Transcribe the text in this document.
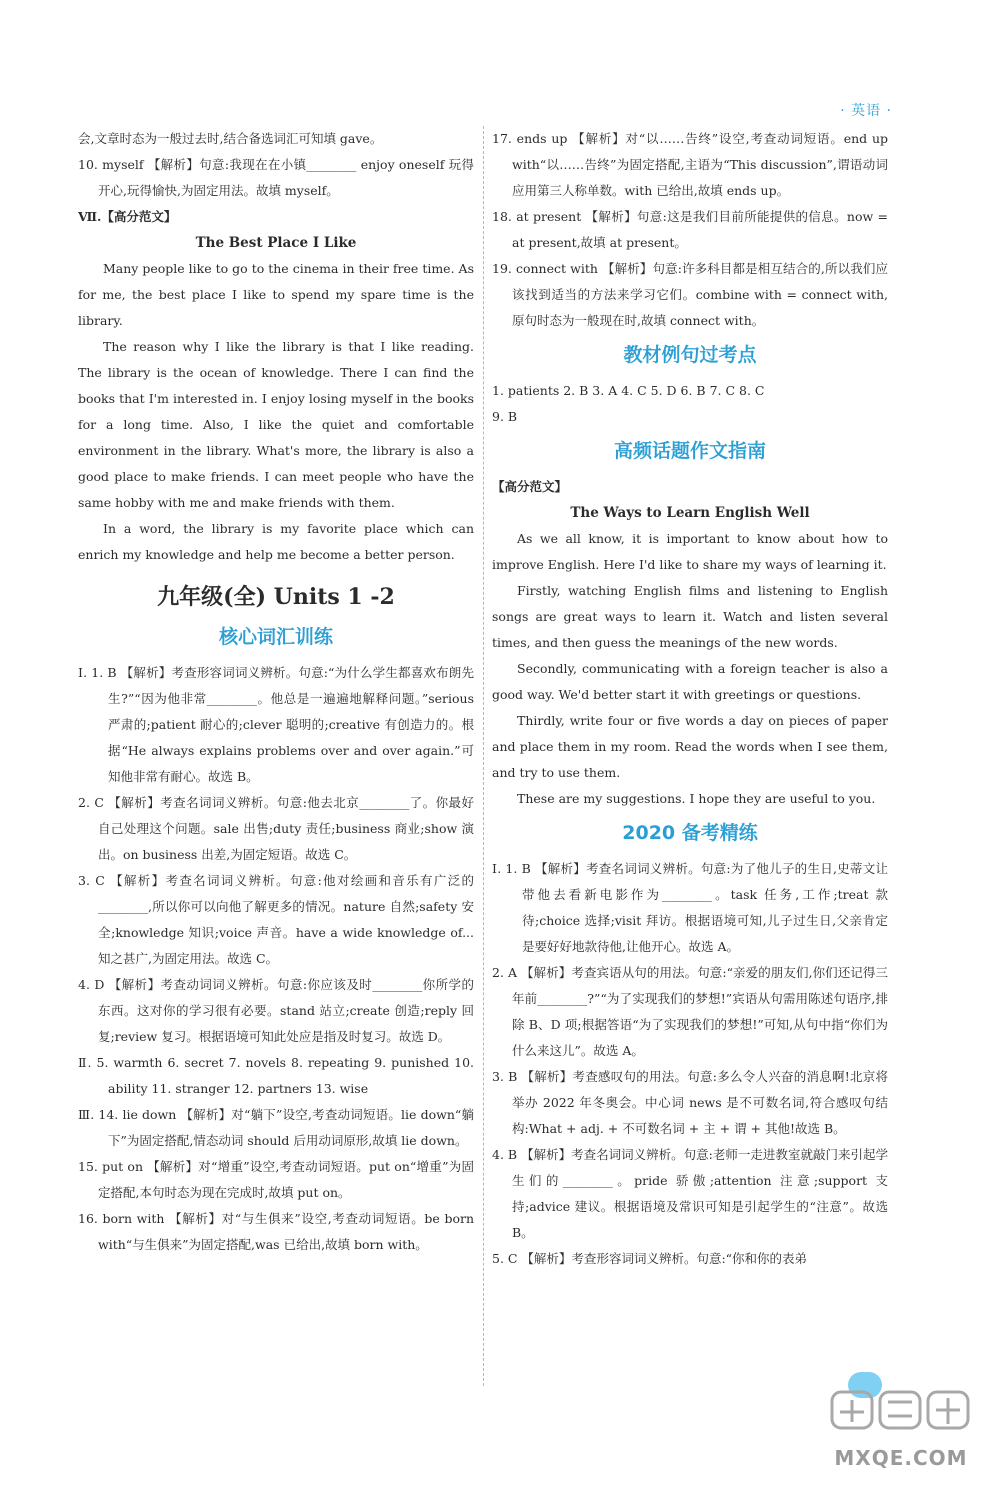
· 英语 ·

会,文章时态为一般过去时,结合备选词汇可知填 gave。

10. myself 【解析】句意:我现在在小镇________ enjoy oneself 玩得开心,玩得愉快,为固定用法。故填 myself。

Ⅶ.【高分范文】

The Best Place I Like

Many people like to go to the cinema in their free time. As for me, the best place I like to spend my spare time is the library.

The reason why I like the library is that I like reading. The library is the ocean of knowledge. There I can find the books that I'm interested in. I enjoy losing myself in the books for a long time. Also, I like the quiet and comfortable environment in the library. What's more, the library is also a good place to make friends. I can meet people who have the same hobby with me and make friends with them.

In a word, the library is my favorite place which can enrich my knowledge and help me become a better person.

九年级(全) Units 1 -2

核心词汇训练

Ⅰ. 1. B 【解析】考查形容词词义辨析。句意:“为什么学生都喜欢布朗先生?”“因为他非常________。他总是一遍遍地解释问题。”serious 严肃的;patient 耐心的;clever 聪明的;creative 有创造力的。根据“He always explains problems over and over again.”可知他非常有耐心。故选 B。

2. C 【解析】考查名词词义辨析。句意:他去北京________了。你最好自己处理这个问题。sale 出售;duty 责任;business 商业;show 演出。on business 出差,为固定短语。故选 C。

3. C 【解析】考查名词词义辨析。句意:他对绘画和音乐有广泛的________,所以你可以向他了解更多的情况。nature 自然;safety 安全;knowledge 知识;voice 声音。have a wide knowledge of... 知之甚广,为固定用法。故选 C。

4. D 【解析】考查动词词义辨析。句意:你应该及时________你所学的东西。这对你的学习很有必要。stand 站立;create 创造;reply 回复;review 复习。根据语境可知此处应是指及时复习。故选 D。

Ⅱ. 5. warmth 6. secret 7. novels 8. repeating 9. punished 10. ability 11. stranger 12. partners 13. wise

Ⅲ. 14. lie down 【解析】对“躺下”设空,考查动词短语。lie down“躺下”为固定搭配,情态动词 should 后用动词原形,故填 lie down。

15. put on 【解析】对“增重”设空,考查动词短语。put on“增重”为固定搭配,本句时态为现在完成时,故填 put on。

16. born with 【解析】对“与生俱来”设空,考查动词短语。be born with“与生俱来”为固定搭配,was 已给出,故填 born with。

17. ends up 【解析】对“以……告终”设空,考查动词短语。end up with“以……告终”为固定搭配,主语为“This discussion”,谓语动词应用第三人称单数。with 已给出,故填 ends up。

18. at present 【解析】句意:这是我们目前所能提供的信息。now = at present,故填 at present。

19. connect with 【解析】句意:许多科目都是相互结合的,所以我们应该找到适当的方法来学习它们。combine with = connect with,原句时态为一般现在时,故填 connect with。

教材例句过考点

1. patients 2. B 3. A 4. C 5. D 6. B 7. C 8. C

9. B

高频话题作文指南

【高分范文】

The Ways to Learn English Well

As we all know, it is important to know about how to improve English. Here I'd like to share my ways of learning it.

Firstly, watching English films and listening to English songs are great ways to learn it. Watch and listen several times, and then guess the meanings of the new words.

Secondly, communicating with a foreign teacher is also a good way. We'd better start it with greetings or questions.

Thirdly, write four or five words a day on pieces of paper and place them in my room. Read the words when I see them, and try to use them.

These are my suggestions. I hope they are useful to you.

2020 备考精练

Ⅰ. 1. B 【解析】考查名词词义辨析。句意:为了他儿子的生日,史蒂文让带他去看新电影作为________。task 任务,工作;treat 款待;choice 选择;visit 拜访。根据语境可知,儿子过生日,父亲肯定是要好好地款待他,让他开心。故选 A。

2. A 【解析】考查宾语从句的用法。句意:“亲爱的朋友们,你们还记得三年前________?”“为了实现我们的梦想!”宾语从句需用陈述句语序,排除 B、D 项;根据答语“为了实现我们的梦想!”可知,从句中指“你们为什么来这儿”。故选 A。

3. B 【解析】考查感叹句的用法。句意:多么令人兴奋的消息啊!北京将举办 2022 年冬奥会。中心词 news 是不可数名词,符合感叹句结构:What + adj. + 不可数名词 + 主 + 谓 + 其他!故选 B。

4. B 【解析】考查名词词义辨析。句意:老师一走进教室就敲门来引起学生们的________。pride 骄傲;attention 注意;support 支持;advice 建议。根据语境及常识可知是引起学生的“注意”。故选 B。

5. C 【解析】考查形容词词义辨析。句意:“你和你的表弟

MXQE.COM
